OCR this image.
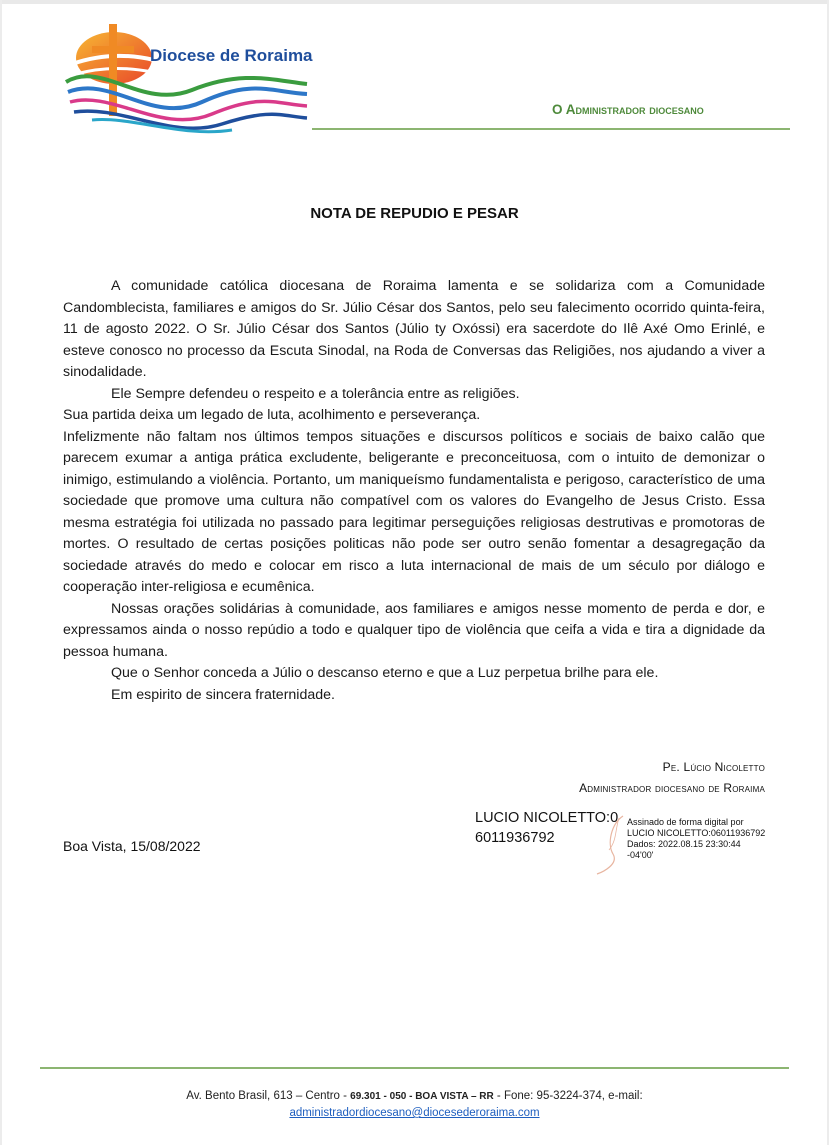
Diocese de Roraima
O Administrador diocesano
NOTA DE REPUDIO E PESAR

A comunidade católica diocesana de Roraima lamenta e se solidariza com a Comunidade Candomblecista, familiares e amigos do Sr. Júlio César dos Santos, pelo seu falecimento ocorrido quinta-feira, 11 de agosto 2022. O Sr. Júlio César dos Santos (Júlio ty Oxóssi) era sacerdote do Ilê Axé Omo Erinlé, e esteve conosco no processo da Escuta Sinodal, na Roda de Conversas das Religiões, nos ajudando a viver a sinodalidade.

Ele Sempre defendeu o respeito e a tolerância entre as religiões.

Sua partida deixa um legado de luta, acolhimento e perseverança.

Infelizmente não faltam nos últimos tempos situações e discursos políticos e sociais de baixo calão que parecem exumar a antiga prática excludente, beligerante e preconceituosa, com o intuito de demonizar o inimigo, estimulando a violência. Portanto, um maniqueísmo fundamentalista e perigoso, característico de uma sociedade que promove uma cultura não compatível com os valores do Evangelho de Jesus Cristo. Essa mesma estratégia foi utilizada no passado para legitimar perseguições religiosas destrutivas e promotoras de mortes. O resultado de certas posições politicas não pode ser outro senão fomentar a desagregação da sociedade através do medo e colocar em risco a luta internacional de mais de um século por diálogo e cooperação inter-religiosa e ecumênica.

Nossas orações solidárias à comunidade, aos familiares e amigos nesse momento de perda e dor, e expressamos ainda o nosso repúdio a todo e qualquer tipo de violência que ceifa a vida e tira a dignidade da pessoa humana.

Que o Senhor conceda a Júlio o descanso eterno e que a Luz perpetua brilhe para ele.

Em espirito de sincera fraternidade.

Pe. Lúcio Nicoletto
Administrador diocesano de Roraima
Boa Vista, 15/08/2022
LUCIO NICOLETTO:06011936792
Assinado de forma digital por
LUCIO NICOLETTO:06011936792
Dados: 2022.08.15 23:30:44
-04'00'
Av. Bento Brasil, 613 – Centro - 69.301 - 050 - BOA VISTA – RR - Fone: 95-3224-374, e-mail:
administradordiocesano@diocesederoraima.com
